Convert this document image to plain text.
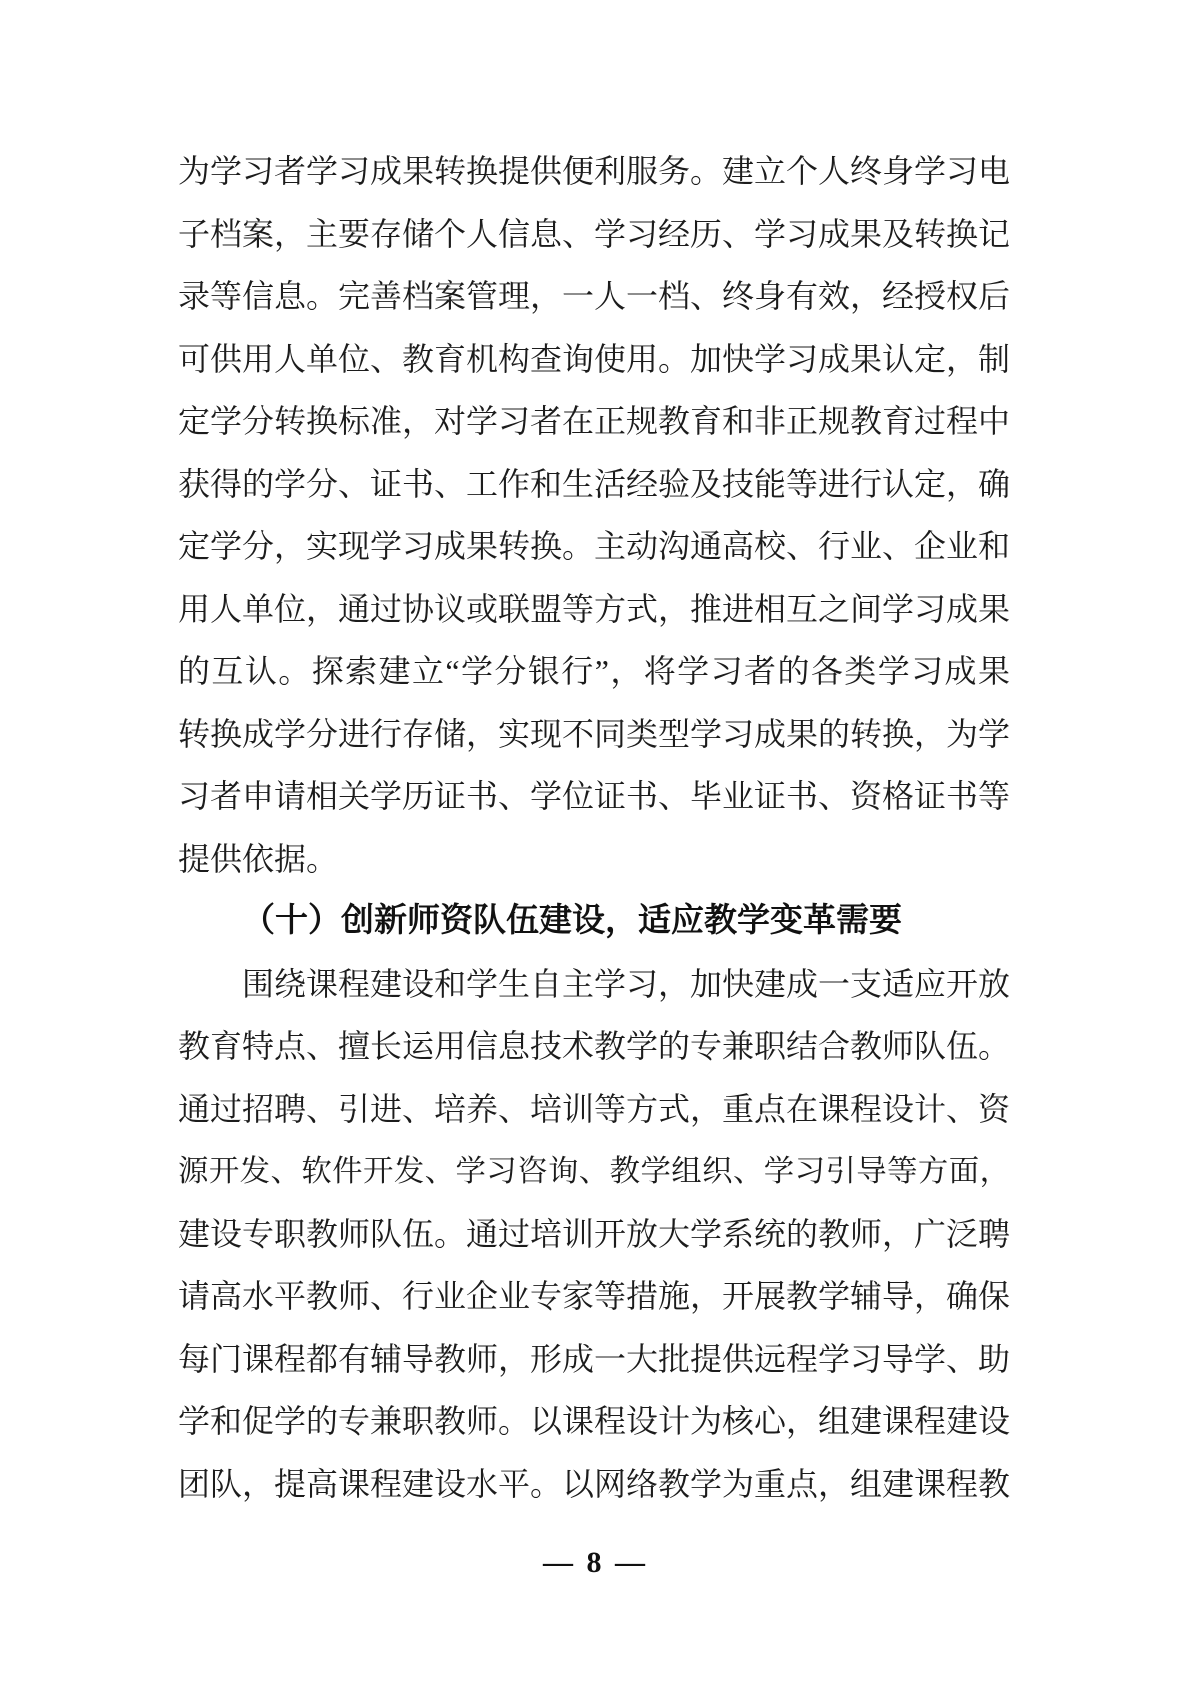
为学习者学习成果转换提供便利服务。建立个人终身学习电
子档案，主要存储个人信息、学习经历、学习成果及转换记
录等信息。完善档案管理，一人一档、终身有效，经授权后
可供用人单位、教育机构查询使用。加快学习成果认定，制
定学分转换标准，对学习者在正规教育和非正规教育过程中
获得的学分、证书、工作和生活经验及技能等进行认定，确
定学分，实现学习成果转换。主动沟通高校、行业、企业和
用人单位，通过协议或联盟等方式，推进相互之间学习成果
的互认。探索建立“学分银行”，将学习者的各类学习成果
转换成学分进行存储，实现不同类型学习成果的转换，为学
习者申请相关学历证书、学位证书、毕业证书、资格证书等
提供依据。
（十）创新师资队伍建设，适应教学变革需要
围绕课程建设和学生自主学习，加快建成一支适应开放
教育特点、擅长运用信息技术教学的专兼职结合教师队伍。
通过招聘、引进、培养、培训等方式，重点在课程设计、资
源开发、软件开发、学习咨询、教学组织、学习引导等方面，
建设专职教师队伍。通过培训开放大学系统的教师，广泛聘
请高水平教师、行业企业专家等措施，开展教学辅导，确保
每门课程都有辅导教师，形成一大批提供远程学习导学、助
学和促学的专兼职教师。以课程设计为核心，组建课程建设
团队，提高课程建设水平。以网络教学为重点，组建课程教
— 8 —
